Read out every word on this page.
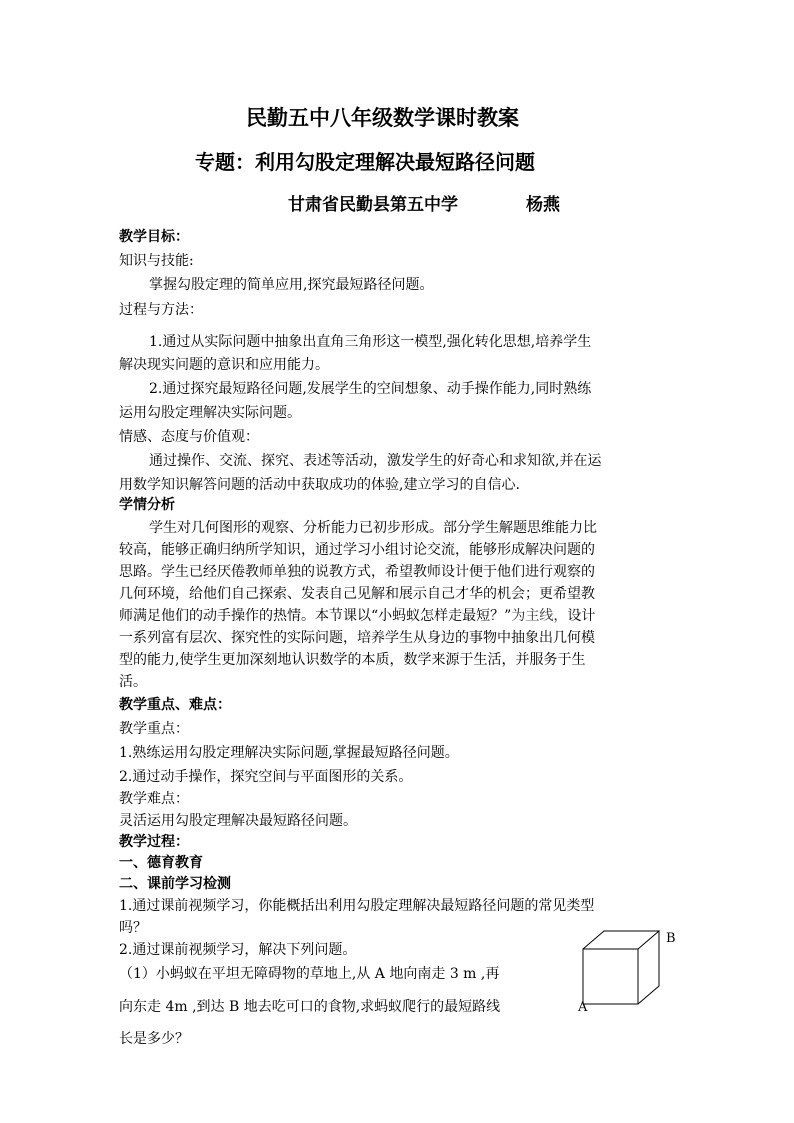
民勤五中八年级数学课时教案
专题：利用勾股定理解决最短路径问题
甘肃省民勤县第五中学	杨燕
教学目标：
知识与技能:
掌握勾股定理的简单应用,探究最短路径问题。
过程与方法：
1.通过从实际问题中抽象出直角三角形这一模型,强化转化思想,培养学生
解决现实问题的意识和应用能力。
2.通过探究最短路径问题,发展学生的空间想象、动手操作能力,同时熟练
运用勾股定理解决实际问题。
情感、态度与价值观：
通过操作、交流、探究、表述等活动，激发学生的好奇心和求知欲,并在运
用数学知识解答问题的活动中获取成功的体验,建立学习的自信心.
学情分析
学生对几何图形的观察、分析能力已初步形成。部分学生解题思维能力比
较高，能够正确归纳所学知识，通过学习小组讨论交流，能够形成解决问题的
思路。学生已经厌倦教师单独的说教方式，希望教师设计便于他们进行观察的
几何环境，给他们自己探索、发表自己见解和展示自己才华的机会；更希望教
师满足他们的动手操作的热情。本节课以“小蚂蚁怎样走最短？”为主线，设计
一系列富有层次、探究性的实际问题，培养学生从身边的事物中抽象出几何模
型的能力,使学生更加深刻地认识数学的本质，数学来源于生活，并服务于生
活。
教学重点、难点：
教学重点：
1.熟练运用勾股定理解决实际问题,掌握最短路径问题。
2.通过动手操作，探究空间与平面图形的关系。
教学难点：
灵活运用勾股定理解决最短路径问题。
教学过程：
一、德育教育
二、课前学习检测
1.通过课前视频学习，你能概括出利用勾股定理解决最短路径问题的常见类型
吗？
2.通过课前视频学习，解决下列问题。
（1）小蚂蚁在平坦无障碍物的草地上,从 A 地向南走 3 m ,再
向东走 4m ,到达 B 地去吃可口的食物,求蚂蚁爬行的最短路线
长是多少？
A
B
